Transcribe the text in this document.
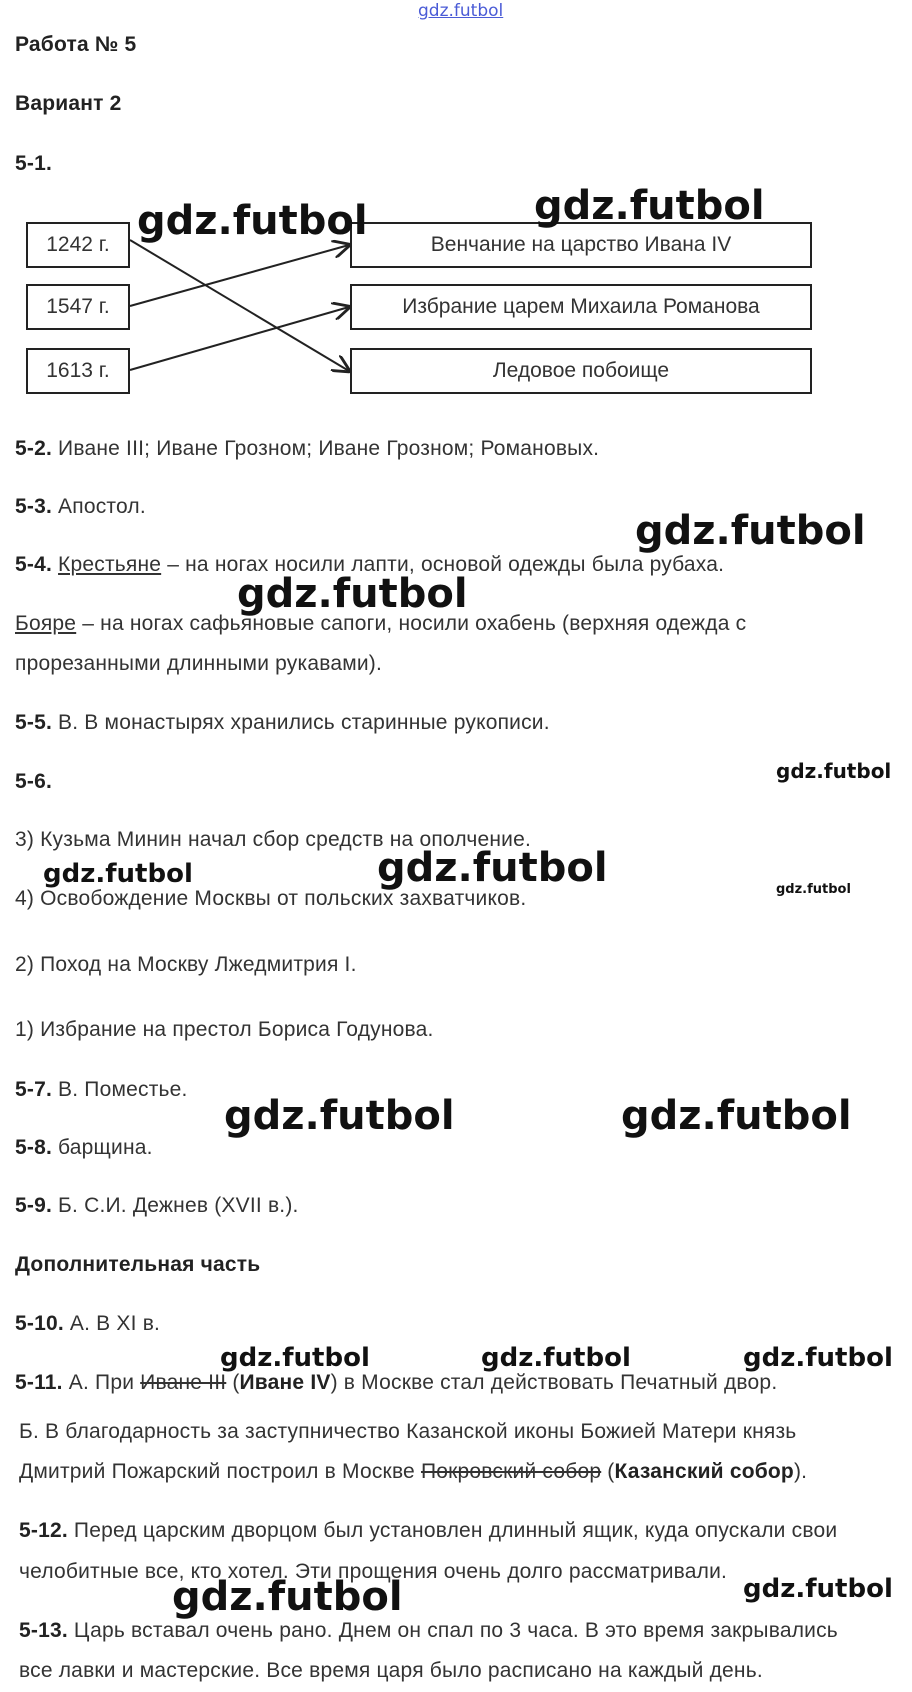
gdz.futbol
Работа № 5
Вариант 2
5-1.
1242 г.
1547 г.
1613 г.
Венчание на царство Ивана IV
Избрание царем Михаила Романова
Ледовое побоище
5-2. Иване III; Иване Грозном; Иване Грозном; Романовых.
5-3. Апостол.
5-4. Крестьяне – на ногах носили лапти, основой одежды была рубаха.
Бояре – на ногах сафьяновые сапоги, носили охабень (верхняя одежда с
прорезанными длинными рукавами).
5-5. В. В монастырях хранились старинные рукописи.
5-6.
3) Кузьма Минин начал сбор средств на ополчение.
4) Освобождение Москвы от польских захватчиков.
2) Поход на Москву Лжедмитрия I.
1) Избрание на престол Бориса Годунова.
5-7. В. Поместье.
5-8. барщина.
5-9. Б. С.И. Дежнев (XVII в.).
Дополнительная часть
5-10. А. В XI в.
5-11. А. При Иване III (Иване IV) в Москве стал действовать Печатный двор.
Б. В благодарность за заступничество Казанской иконы Божией Матери князь
Дмитрий Пожарский построил в Москве Покровский собор (Казанский собор).
5-12. Перед царским дворцом был установлен длинный ящик, куда опускали свои
челобитные все, кто хотел. Эти прощения очень долго рассматривали.
5-13. Царь вставал очень рано. Днем он спал по 3 часа. В это время закрывались
все лавки и мастерские. Все время царя было расписано на каждый день.
gdz.futbol	gdz.futbol
gdz.futbol
gdz.futbol
gdz.futbol
gdz.futbol	gdz.futbol	gdz.futbol
gdz.futbol	gdz.futbol
gdz.futbol	gdz.futbol	gdz.futbol
gdz.futbol	gdz.futbol
